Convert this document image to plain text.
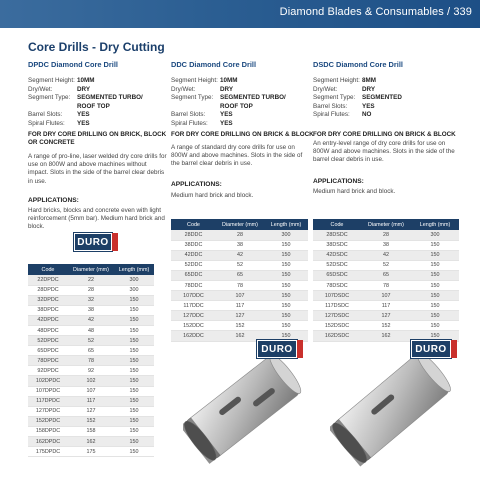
Diamond Blades & Consumables / 339
Core Drills - Dry Cutting
DPDC Diamond Core Drill
Segment Height: 10MM
Dry/Wet:	DRY
Segment Type:	SEGMENTED TURBO/ ROOF TOP
Barrel Slots:	YES
Spiral Flutes:	YES
FOR DRY CORE DRILLING ON BRICK, BLOCK OR CONCRETE
A range of pro-line, laser welded dry core drills for use on 800W and above machines without impact. Slots in the side of the barrel clear debris in use.
APPLICATIONS:
Hard bricks, blocks and concrete even with light reinforcement (5mm bar). Medium hard brick and block.
DDC Diamond Core Drill
Segment Height: 10MM
Dry/Wet:	DRY
Segment Type:	SEGMENTED TURBO/ ROOF TOP
Barrel Slots:	YES
Spiral Flutes:	YES
FOR DRY CORE DRILLING ON BRICK & BLOCK
A range of standard dry core drills for use on 800W and above machines. Slots in the side of the barrel clear debris in use.
APPLICATIONS:
Medium hard brick and block.
DSDC Diamond Core Drill
Segment Height: 8MM
Dry/Wet:	DRY
Segment Type:	SEGMENTED
Barrel Slots:	YES
Spiral Flutes:	NO
FOR DRY CORE DRILLING ON BRICK & BLOCK
An entry-level range of dry core drills for use on 800W and above machines. Slots in the side of the barrel clear debris in use.
APPLICATIONS:
Medium hard brick and block.
DURO
Code	Diameter (mm)	Length (mm)
22DPDC	22	300
28DPDC	28	300
32DPDC	32	150
38DPDC	38	150
42DPDC	42	150
48DPDC	48	150
52DPDC	52	150
65DPDC	65	150
78DPDC	78	150
92DPDC	92	150
102DPDC	102	150
107DPDC	107	150
117DPDC	117	150
127DPDC	127	150
152DPDC	152	150
158DPDC	158	150
162DPDC	162	150
175DPDC	175	150
Code	Diameter (mm)	Length (mm)
28DDC	28	300
38DDC	38	150
42DDC	42	150
52DDC	52	150
65DDC	65	150
78DDC	78	150
107DDC	107	150
117DDC	117	150
127DDC	127	150
152DDC	152	150
162DDC	162	150
Code	Diameter (mm)	Length (mm)
28DSDC	28	300
38DSDC	38	150
42DSDC	42	150
52DSDC	52	150
65DSDC	65	150
78DSDC	78	150
107DSDC	107	150
117DSDC	117	150
127DSDC	127	150
152DSDC	152	150
162DSDC	162	150
DURO	DURO
